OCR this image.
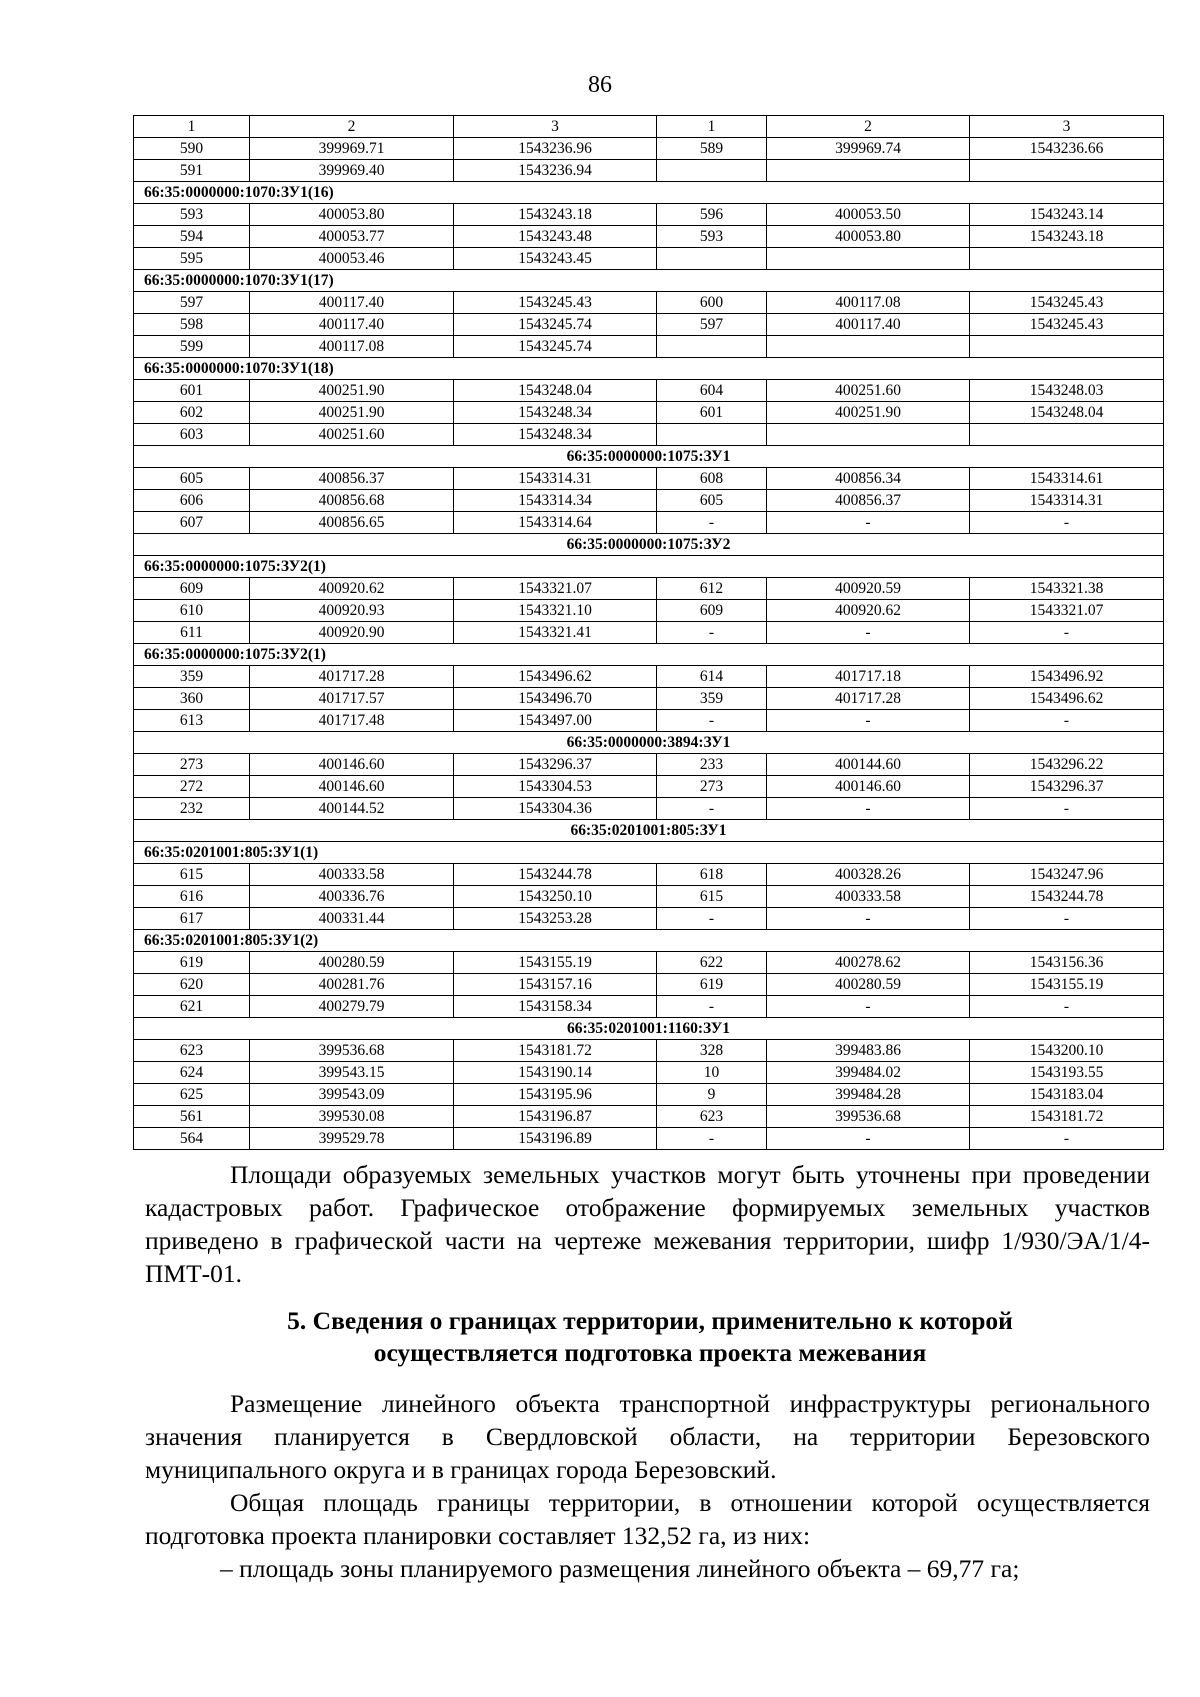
86
1	2	3	1	2	3
590	399969.71	1543236.96	589	399969.74	1543236.66
591	399969.40	1543236.94			
66:35:0000000:1070:ЗУ1(16)					
593	400053.80	1543243.18	596	400053.50	1543243.14
594	400053.77	1543243.48	593	400053.80	1543243.18
595	400053.46	1543243.45			
66:35:0000000:1070:ЗУ1(17)					
597	400117.40	1543245.43	600	400117.08	1543245.43
598	400117.40	1543245.74	597	400117.40	1543245.43
599	400117.08	1543245.74			
66:35:0000000:1070:ЗУ1(18)					
601	400251.90	1543248.04	604	400251.60	1543248.03
602	400251.90	1543248.34	601	400251.90	1543248.04
603	400251.60	1543248.34			
66:35:0000000:1075:ЗУ1					
605	400856.37	1543314.31	608	400856.34	1543314.61
606	400856.68	1543314.34	605	400856.37	1543314.31
607	400856.65	1543314.64	-	-	-
66:35:0000000:1075:ЗУ2					
66:35:0000000:1075:ЗУ2(1)					
609	400920.62	1543321.07	612	400920.59	1543321.38
610	400920.93	1543321.10	609	400920.62	1543321.07
611	400920.90	1543321.41	-	-	-
66:35:0000000:1075:ЗУ2(1)					
359	401717.28	1543496.62	614	401717.18	1543496.92
360	401717.57	1543496.70	359	401717.28	1543496.62
613	401717.48	1543497.00	-	-	-
66:35:0000000:3894:ЗУ1					
273	400146.60	1543296.37	233	400144.60	1543296.22
272	400146.60	1543304.53	273	400146.60	1543296.37
232	400144.52	1543304.36	-	-	-
66:35:0201001:805:ЗУ1					
66:35:0201001:805:ЗУ1(1)					
615	400333.58	1543244.78	618	400328.26	1543247.96
616	400336.76	1543250.10	615	400333.58	1543244.78
617	400331.44	1543253.28	-	-	-
66:35:0201001:805:ЗУ1(2)					
619	400280.59	1543155.19	622	400278.62	1543156.36
620	400281.76	1543157.16	619	400280.59	1543155.19
621	400279.79	1543158.34	-	-	-
66:35:0201001:1160:ЗУ1					
623	399536.68	1543181.72	328	399483.86	1543200.10
624	399543.15	1543190.14	10	399484.02	1543193.55
625	399543.09	1543195.96	9	399484.28	1543183.04
561	399530.08	1543196.87	623	399536.68	1543181.72
564	399529.78	1543196.89	-	-	-

Площади образуемых земельных участков могут быть уточнены при проведении кадастровых работ. Графическое отображение формируемых земельных участков приведено в графической части на чертеже межевания территории, шифр 1/930/ЭА/1/4-ПМТ-01.

5. Сведения о границах территории, применительно к которой
осуществляется подготовка проекта межевания

Размещение линейного объекта транспортной инфраструктуры регионального значения планируется в Свердловской области, на территории Березовского муниципального округа и в границах города Березовский.

Общая площадь границы территории, в отношении которой осуществляется подготовка проекта планировки составляет 132,52 га, из них:

– площадь зоны планируемого размещения линейного объекта – 69,77 га;
